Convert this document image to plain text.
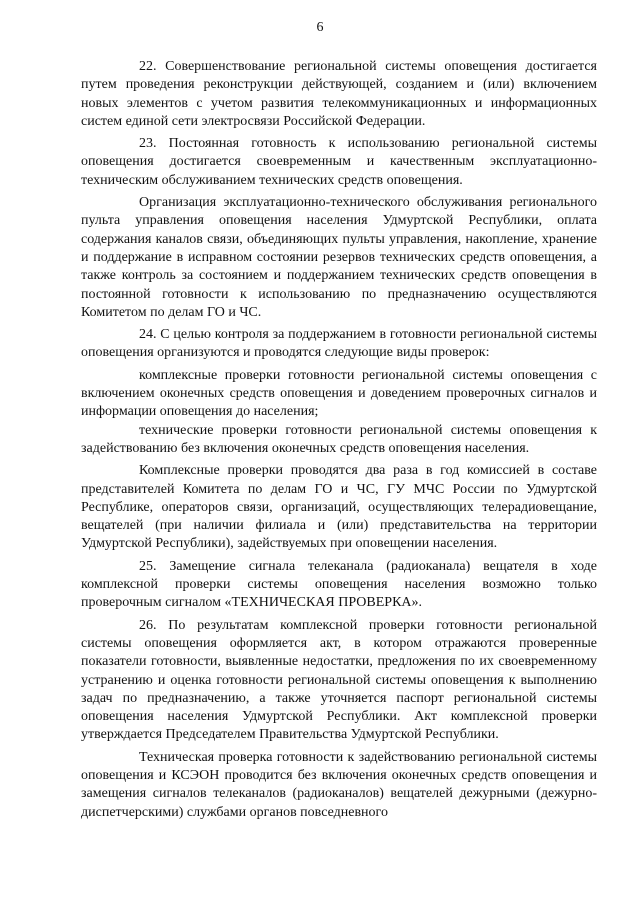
6

22. Совершенствование региональной системы оповещения достигается путем проведения реконструкции действующей, созданием и (или) включением новых элементов с учетом развития телекоммуникационных и информационных систем единой сети электросвязи Российской Федерации.

23. Постоянная готовность к использованию региональной системы оповещения достигается своевременным и качественным эксплуатационно-техническим обслуживанием технических средств оповещения.

Организация эксплуатационно-технического обслуживания регионального пульта управления оповещения населения Удмуртской Республики, оплата содержания каналов связи, объединяющих пульты управления, накопление, хранение и поддержание в исправном состоянии резервов технических средств оповещения, а также контроль за состоянием и поддержанием технических средств оповещения в постоянной готовности к использованию по предназначению осуществляются Комитетом по делам ГО и ЧС.

24. С целью контроля за поддержанием в готовности региональной системы оповещения организуются и проводятся следующие виды проверок:

комплексные проверки готовности региональной системы оповещения с включением оконечных средств оповещения и доведением проверочных сигналов и информации оповещения до населения;

технические проверки готовности региональной системы оповещения к задействованию без включения оконечных средств оповещения населения.

Комплексные проверки проводятся два раза в год комиссией в составе представителей Комитета по делам ГО и ЧС, ГУ МЧС России по Удмуртской Республике, операторов связи, организаций, осуществляющих телерадиовещание, вещателей (при наличии филиала и (или) представительства на территории Удмуртской Республики), задействуемых при оповещении населения.

25. Замещение сигнала телеканала (радиоканала) вещателя в ходе комплексной проверки системы оповещения населения возможно только проверочным сигналом «ТЕХНИЧЕСКАЯ ПРОВЕРКА».

26. По результатам комплексной проверки готовности региональной системы оповещения оформляется акт, в котором отражаются проверенные показатели готовности, выявленные недостатки, предложения по их своевременному устранению и оценка готовности региональной системы оповещения к выполнению задач по предназначению, а также уточняется паспорт региональной системы оповещения населения Удмуртской Республики. Акт комплексной проверки утверждается Председателем Правительства Удмуртской Республики.

Техническая проверка готовности к задействованию региональной системы оповещения и КСЭОН проводится без включения оконечных средств оповещения и замещения сигналов телеканалов (радиоканалов) вещателей дежурными (дежурно-диспетчерскими) службами органов повседневного
